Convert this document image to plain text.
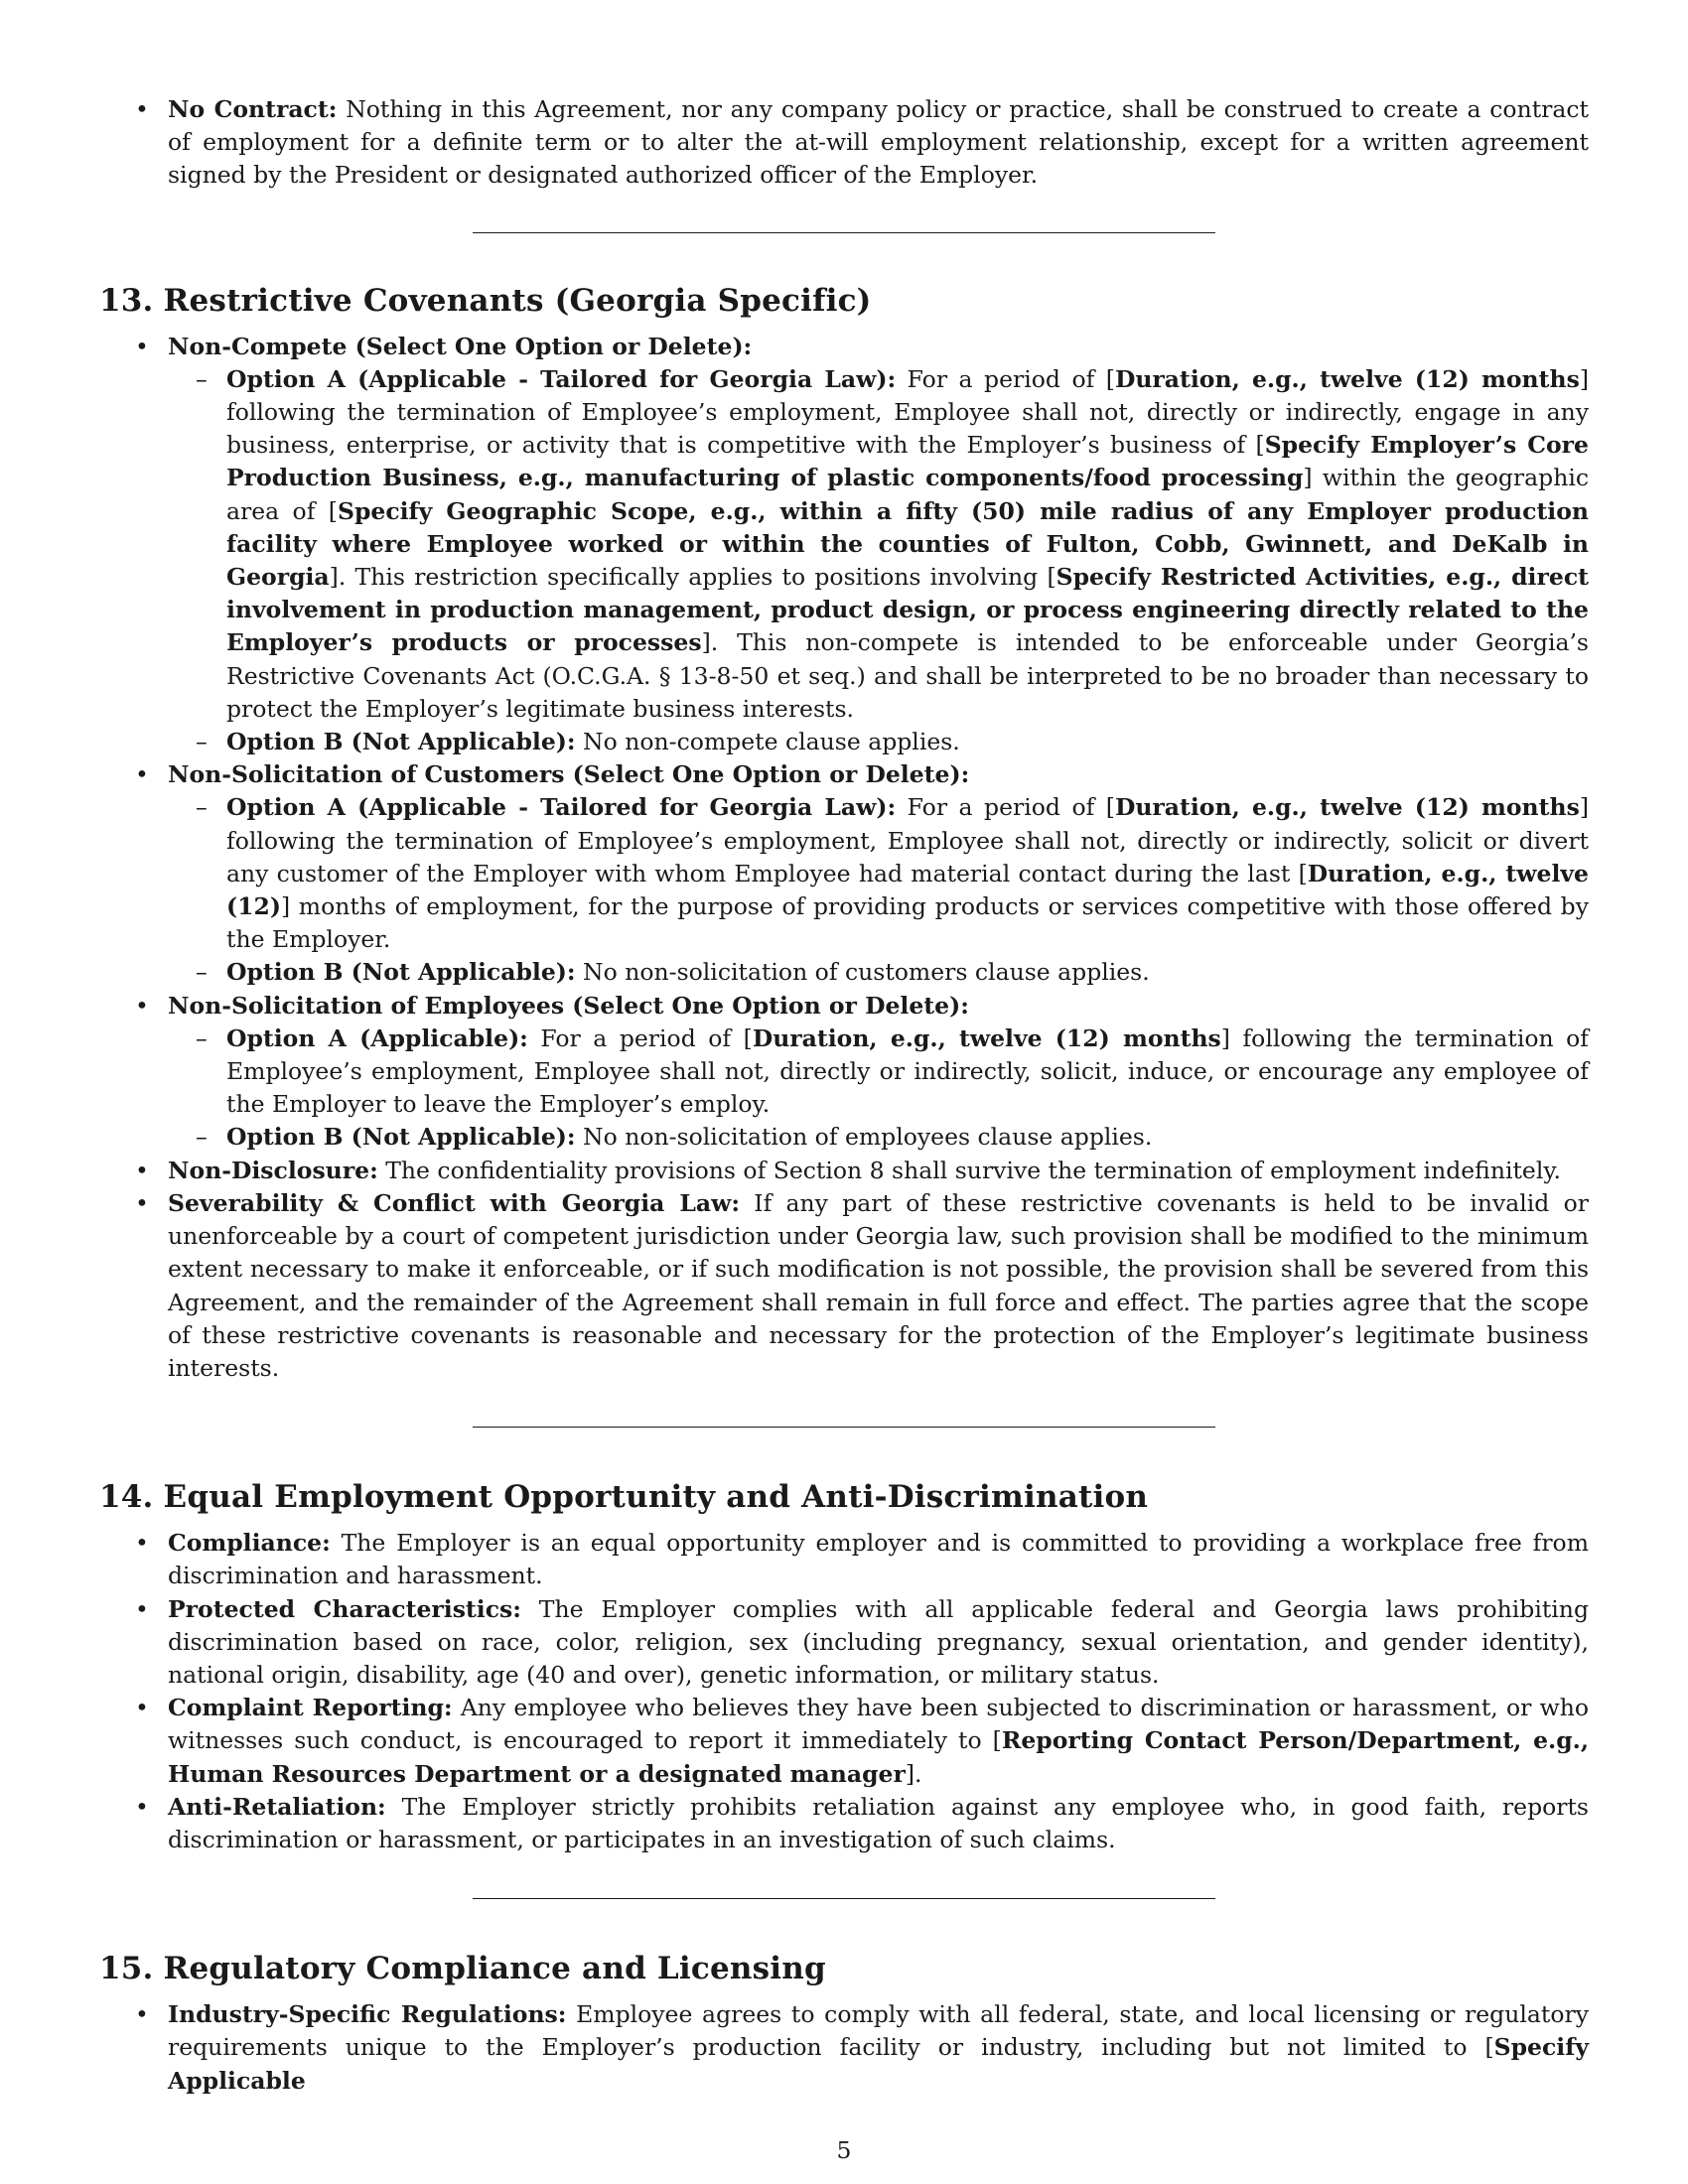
• No Contract: Nothing in this Agreement, nor any company policy or practice, shall be construed to create a contract of employment for a definite term or to alter the at-will employment relationship, except for a written agreement signed by the President or designated authorized officer of the Employer.
13. Restrictive Covenants (Georgia Specific)
• Non-Compete (Select One Option or Delete):
– Option A (Applicable - Tailored for Georgia Law): For a period of [Duration, e.g., twelve (12) months] following the termination of Employee’s employment, Employee shall not, directly or indirectly, engage in any business, enterprise, or activity that is competitive with the Employer’s business of [Specify Employer’s Core Production Business, e.g., manufacturing of plastic components/food processing] within the geographic area of [Specify Geographic Scope, e.g., within a fifty (50) mile radius of any Employer production facility where Employee worked or within the counties of Fulton, Cobb, Gwinnett, and DeKalb in Georgia]. This restriction specifically applies to positions involving [Specify Restricted Activities, e.g., direct involvement in production management, product design, or process engineering directly related to the Employer’s products or processes]. This non-compete is intended to be enforceable under Georgia’s Restrictive Covenants Act (O.C.G.A. § 13-8-50 et seq.) and shall be interpreted to be no broader than necessary to protect the Employer’s legitimate business interests.
– Option B (Not Applicable): No non-compete clause applies.
• Non-Solicitation of Customers (Select One Option or Delete):
– Option A (Applicable - Tailored for Georgia Law): For a period of [Duration, e.g., twelve (12) months] following the termination of Employee’s employment, Employee shall not, directly or indirectly, solicit or divert any customer of the Employer with whom Employee had material contact during the last [Duration, e.g., twelve (12)] months of employment, for the purpose of providing products or services competitive with those offered by the Employer.
– Option B (Not Applicable): No non-solicitation of customers clause applies.
• Non-Solicitation of Employees (Select One Option or Delete):
– Option A (Applicable): For a period of [Duration, e.g., twelve (12) months] following the termination of Employee’s employment, Employee shall not, directly or indirectly, solicit, induce, or encourage any employee of the Employer to leave the Employer’s employ.
– Option B (Not Applicable): No non-solicitation of employees clause applies.
• Non-Disclosure: The confidentiality provisions of Section 8 shall survive the termination of employment indefinitely.
• Severability & Conflict with Georgia Law: If any part of these restrictive covenants is held to be invalid or unenforceable by a court of competent jurisdiction under Georgia law, such provision shall be modified to the minimum extent necessary to make it enforceable, or if such modification is not possible, the provision shall be severed from this Agreement, and the remainder of the Agreement shall remain in full force and effect. The parties agree that the scope of these restrictive covenants is reasonable and necessary for the protection of the Employer’s legitimate business interests.
14. Equal Employment Opportunity and Anti-Discrimination
• Compliance: The Employer is an equal opportunity employer and is committed to providing a workplace free from discrimination and harassment.
• Protected Characteristics: The Employer complies with all applicable federal and Georgia laws prohibiting discrimination based on race, color, religion, sex (including pregnancy, sexual orientation, and gender identity), national origin, disability, age (40 and over), genetic information, or military status.
• Complaint Reporting: Any employee who believes they have been subjected to discrimination or harassment, or who witnesses such conduct, is encouraged to report it immediately to [Reporting Contact Person/Department, e.g., Human Resources Department or a designated manager].
• Anti-Retaliation: The Employer strictly prohibits retaliation against any employee who, in good faith, reports discrimination or harassment, or participates in an investigation of such claims.
15. Regulatory Compliance and Licensing
• Industry-Specific Regulations: Employee agrees to comply with all federal, state, and local licensing or regulatory requirements unique to the Employer’s production facility or industry, including but not limited to [Specify Applicable
5
